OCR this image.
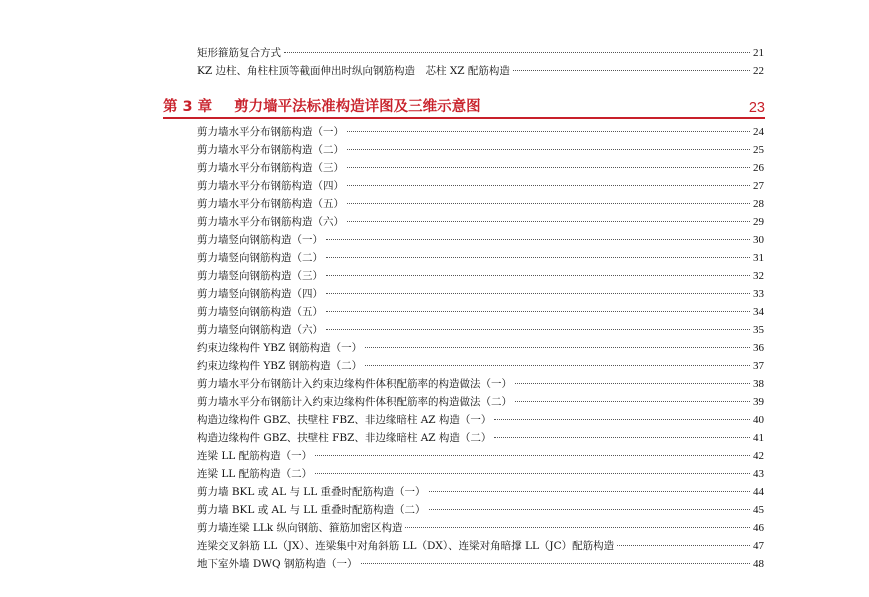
矩形箍筋复合方式	21
KZ 边柱、角柱柱顶等截面伸出时纵向钢筋构造　芯柱 XZ 配筋构造	22
第 3 章 剪力墙平法标准构造详图及三维示意图	23
剪力墙水平分布钢筋构造（一）	24
剪力墙水平分布钢筋构造（二）	25
剪力墙水平分布钢筋构造（三）	26
剪力墙水平分布钢筋构造（四）	27
剪力墙水平分布钢筋构造（五）	28
剪力墙水平分布钢筋构造（六）	29
剪力墙竖向钢筋构造（一）	30
剪力墙竖向钢筋构造（二）	31
剪力墙竖向钢筋构造（三）	32
剪力墙竖向钢筋构造（四）	33
剪力墙竖向钢筋构造（五）	34
剪力墙竖向钢筋构造（六）	35
约束边缘构件 YBZ 钢筋构造（一）	36
约束边缘构件 YBZ 钢筋构造（二）	37
剪力墙水平分布钢筋计入约束边缘构件体积配筋率的构造做法（一）	38
剪力墙水平分布钢筋计入约束边缘构件体积配筋率的构造做法（二）	39
构造边缘构件 GBZ、扶壁柱 FBZ、非边缘暗柱 AZ 构造（一）	40
构造边缘构件 GBZ、扶壁柱 FBZ、非边缘暗柱 AZ 构造（二）	41
连梁 LL 配筋构造（一）	42
连梁 LL 配筋构造（二）	43
剪力墙 BKL 或 AL 与 LL 重叠时配筋构造（一）	44
剪力墙 BKL 或 AL 与 LL 重叠时配筋构造（二）	45
剪力墙连梁 LLk 纵向钢筋、箍筋加密区构造	46
连梁交叉斜筋 LL（JX）、连梁集中对角斜筋 LL（DX）、连梁对角暗撑 LL（JC）配筋构造	47
地下室外墙 DWQ 钢筋构造（一）	48
